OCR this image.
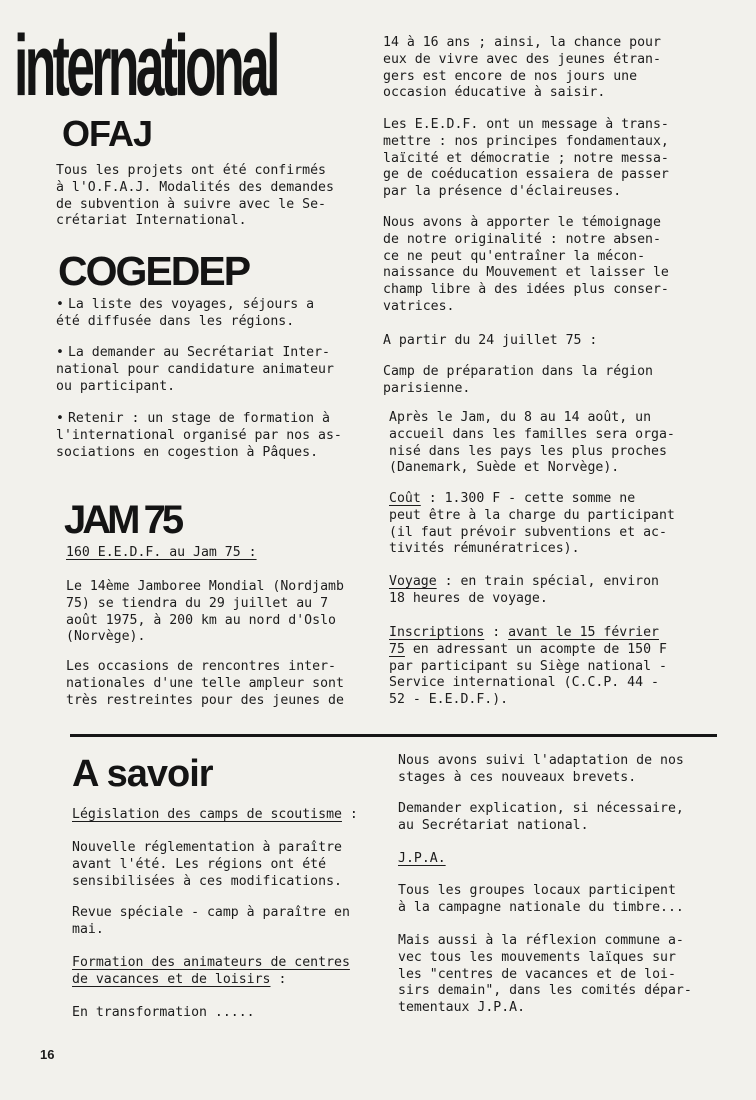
international
OFAJ

Tous les projets ont été confirmés
à l'O.F.A.J. Modalités des demandes
de subvention à suivre avec le Se-
crétariat International.

COGEDEP

• La liste des voyages, séjours a
été diffusée dans les régions.

• La demander au Secrétariat Inter-
national pour candidature animateur
ou participant.

• Retenir : un stage de formation à
l'international organisé par nos as-
sociations en cogestion à Pâques.

JAM 75

160 E.E.D.F. au Jam 75 :

Le 14ème Jamboree Mondial (Nordjamb
75) se tiendra du 29 juillet au 7
août 1975, à 200 km au nord d'Oslo
(Norvège).

Les occasions de rencontres inter-
nationales d'une telle ampleur sont
très restreintes pour des jeunes de

14 à 16 ans ; ainsi, la chance pour
eux de vivre avec des jeunes étran-
gers est encore de nos jours une
occasion éducative à saisir.

Les E.E.D.F. ont un message à trans-
mettre : nos principes fondamentaux,
laïcité et démocratie ; notre messa-
ge de coéducation essaiera de passer
par la présence d'éclaireuses.

Nous avons à apporter le témoignage
de notre originalité : notre absen-
ce ne peut qu'entraîner la mécon-
naissance du Mouvement et laisser le
champ libre à des idées plus conser-
vatrices.

A partir du 24 juillet 75 :

Camp de préparation dans la région
parisienne.

Après le Jam, du 8 au 14 août, un
accueil dans les familles sera orga-
nisé dans les pays les plus proches
(Danemark, Suède et Norvège).

Coût : 1.300 F - cette somme ne
peut être à la charge du participant
(il faut prévoir subventions et ac-
tivités rémunératrices).

Voyage : en train spécial, environ
18 heures de voyage.

Inscriptions : avant le 15 février
75 en adressant un acompte de 150 F
par participant su Siège national -
Service international (C.C.P. 44 -
52 - E.E.D.F.).

A savoir

Législation des camps de scoutisme :

Nouvelle réglementation à paraître
avant l'été. Les régions ont été
sensibilisées à ces modifications.

Revue spéciale - camp à paraître en
mai.

Formation des animateurs de centres
de vacances et de loisirs :

En transformation .....

Nous avons suivi l'adaptation de nos
stages à ces nouveaux brevets.

Demander explication, si nécessaire,
au Secrétariat national.

J.P.A.

Tous les groupes locaux participent
à la campagne nationale du timbre...

Mais aussi à la réflexion commune a-
vec tous les mouvements laïques sur
les "centres de vacances et de loi-
sirs demain", dans les comités dépar-
tementaux J.P.A.

16
